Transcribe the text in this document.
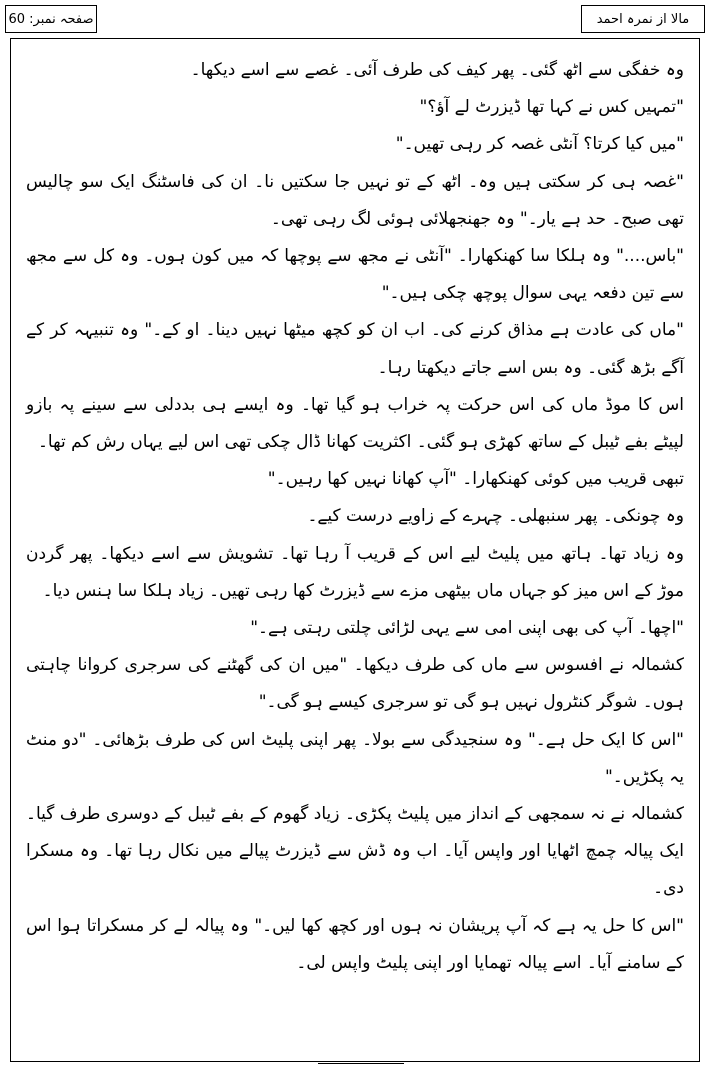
صفحہ نمبر: 60	مالا از نمرہ احمد

وہ خفگی سے اٹھ گئی۔ پھر کیف کی طرف آئی۔ غصے سے اسے دیکھا۔

"تمہیں کس نے کہا تھا ڈیزرٹ لے آؤ؟"

"میں کیا کرتا؟ آنٹی غصہ کر رہی تھیں۔"

"غصہ ہی کر سکتی ہیں وہ۔ اٹھ کے تو نہیں جا سکتیں نا۔ ان کی فاسٹنگ ایک سو چالیس تھی صبح۔ حد ہے یار۔" وہ جھنجھلائی ہوئی لگ رہی تھی۔

"باس...." وہ ہلکا سا کھنکھارا۔ "آنٹی نے مجھ سے پوچھا کہ میں کون ہوں۔ وہ کل سے مجھ سے تین دفعہ یہی سوال پوچھ چکی ہیں۔"

"ماں کی عادت ہے مذاق کرنے کی۔ اب ان کو کچھ میٹھا نہیں دینا۔ او کے۔" وہ تنبیہہ کر کے آگے بڑھ گئی۔ وہ بس اسے جاتے دیکھتا رہا۔

اس کا موڈ ماں کی اس حرکت پہ خراب ہو گیا تھا۔ وہ ایسے ہی بددلی سے سینے پہ بازو لپیٹے بفے ٹیبل کے ساتھ کھڑی ہو گئی۔ اکثریت کھانا ڈال چکی تھی اس لیے یہاں رش کم تھا۔

تبھی قریب میں کوئی کھنکھارا۔ "آپ کھانا نہیں کھا رہیں۔"

وہ چونکی۔ پھر سنبھلی۔ چہرے کے زاویے درست کیے۔

وہ زیاد تھا۔ ہاتھ میں پلیٹ لیے اس کے قریب آ رہا تھا۔ تشویش سے اسے دیکھا۔ پھر گردن موڑ کے اس میز کو جہاں ماں بیٹھی مزے سے ڈیزرٹ کھا رہی تھیں۔ زیاد ہلکا سا ہنس دیا۔

"اچھا۔ آپ کی بھی اپنی امی سے یہی لڑائی چلتی رہتی ہے۔"

کشمالہ نے افسوس سے ماں کی طرف دیکھا۔ "میں ان کی گھٹنے کی سرجری کروانا چاہتی ہوں۔ شوگر کنٹرول نہیں ہو گی تو سرجری کیسے ہو گی۔"

"اس کا ایک حل ہے۔" وہ سنجیدگی سے بولا۔ پھر اپنی پلیٹ اس کی طرف بڑھائی۔ "دو منٹ یہ پکڑیں۔"

کشمالہ نے نہ سمجھی کے انداز میں پلیٹ پکڑی۔ زیاد گھوم کے بفے ٹیبل کے دوسری طرف گیا۔ ایک پیالہ چمچ اٹھایا اور واپس آیا۔ اب وہ ڈش سے ڈیزرٹ پیالے میں نکال رہا تھا۔ وہ مسکرا دی۔

"اس کا حل یہ ہے کہ آپ پریشان نہ ہوں اور کچھ کھا لیں۔" وہ پیالہ لے کر مسکراتا ہوا اس کے سامنے آیا۔ اسے پیالہ تھمایا اور اپنی پلیٹ واپس لی۔
